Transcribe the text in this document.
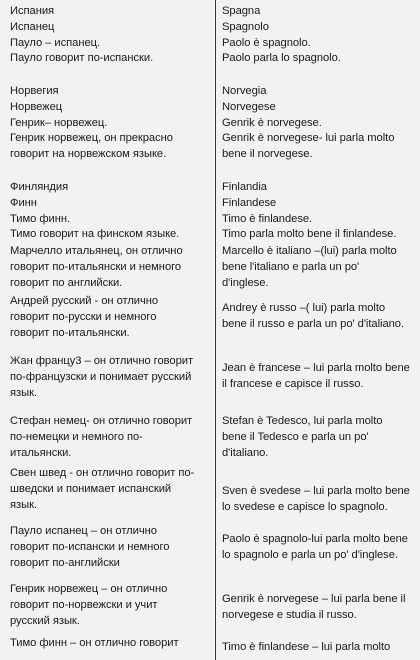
Испания
Испанец
Пауло – испанец.
Пауло говорит по-испански.

Норвегия
Норвежец
Генрик– норвежец.
Генрик норвежец, он прекрасно
говорит на норвежском языке.

Финляндия
Финн
Тимо финн.
Тимо говорит на финском языке.

Марчелло итальянец, он отлично
говорит по-итальянски и немного
говорит по английски.

Андрей русский - он отлично
говорит по-русски и немного
говорит по-итальянски.

Жан францу3 – он отлично говорит
по-французски и понимает русский
язык.

Стефан немец- он отлично говорит
по-немецки и немного по-
итальянски.

Свен швед - он отлично говорит по-
шведски и понимает испанский
язык.

Пауло испанец – он отлично
говорит по-испански и немного
говорит по-английски

Генрик норвежец – он отлично
говорит по-норвежски и учит
русский язык.

Тимо финн – он отлично говорит

Spagna
Spagnolo
Paolo è spagnolo.
Paolo parla lo spagnolo.

Norvegia
Norvegese
Genrik è norvegese.
Genrik è norvegese- lui parla molto
bene il norvegese.

Finlandia
Finlandese
Timo è finlandese.
Timo parla molto bene il finlandese.

Marcello è italiano –(lui) parla molto
bene l'italiano e parla un po'
d'inglese.

Andrey è russo –( lui) parla molto
bene il russo e parla un po' d'italiano.

Jean è francese – lui parla molto bene
il francese e capisce il russo.

Stefan è Tedesco, lui parla molto
bene il Tedesco e parla un po'
d'italiano.

Sven è svedese – lui parla molto bene
lo svedese e capisce lo spagnolo.

Paolo è spagnolo-lui parla molto bene
lo spagnolo e parla un po' d'inglese.

Genrik è norvegese – lui parla bene il
norvegese e studia il russo.

Timo è finlandese – lui parla molto
